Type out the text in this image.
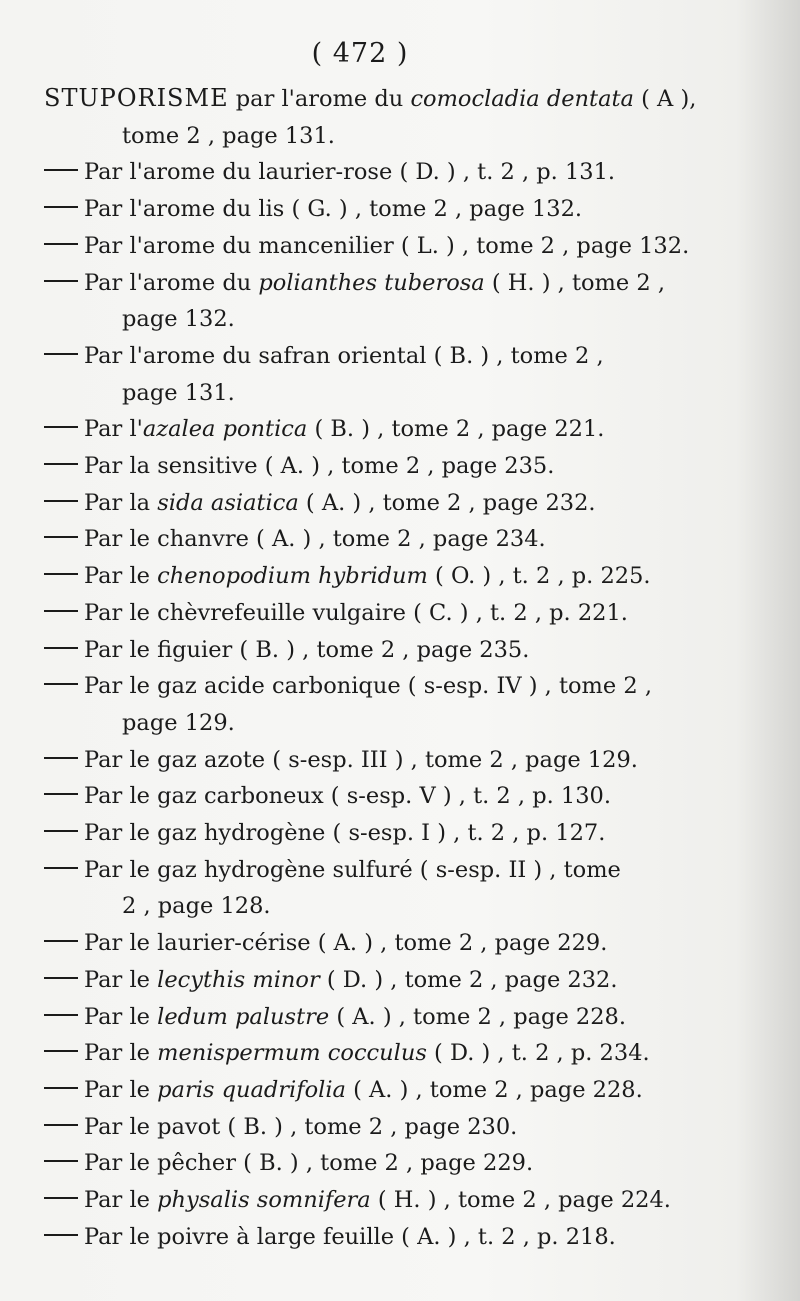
( 472 )
STUPORISME par l'arome du comocladia dentata ( A ),
tome 2 , page 131.
Par l'arome du laurier-rose ( D. ) , t. 2 , p. 131.
Par l'arome du lis ( G. ) , tome 2 , page 132.
Par l'arome du mancenilier ( L. ) , tome 2 , page 132.
Par l'arome du polianthes tuberosa ( H. ) , tome 2 ,
page 132.
Par l'arome du safran oriental ( B. ) , tome 2 ,
page 131.
Par l'azalea pontica ( B. ) , tome 2 , page 221.
Par la sensitive ( A. ) , tome 2 , page 235.
Par la sida asiatica ( A. ) , tome 2 , page 232.
Par le chanvre ( A. ) , tome 2 , page 234.
Par le chenopodium hybridum ( O. ) , t. 2 , p. 225.
Par le chèvrefeuille vulgaire ( C. ) , t. 2 , p. 221.
Par le figuier ( B. ) , tome 2 , page 235.
Par le gaz acide carbonique ( s-esp. IV ) , tome 2 ,
page 129.
Par le gaz azote ( s-esp. III ) , tome 2 , page 129.
Par le gaz carboneux ( s-esp. V ) , t. 2 , p. 130.
Par le gaz hydrogène ( s-esp. I ) , t. 2 , p. 127.
Par le gaz hydrogène sulfuré ( s-esp. II ) , tome
2 , page 128.
Par le laurier-cérise ( A. ) , tome 2 , page 229.
Par le lecythis minor ( D. ) , tome 2 , page 232.
Par le ledum palustre ( A. ) , tome 2 , page 228.
Par le menispermum cocculus ( D. ) , t. 2 , p. 234.
Par le paris quadrifolia ( A. ) , tome 2 , page 228.
Par le pavot ( B. ) , tome 2 , page 230.
Par le pêcher ( B. ) , tome 2 , page 229.
Par le physalis somnifera ( H. ) , tome 2 , page 224.
Par le poivre à large feuille ( A. ) , t. 2 , p. 218.
